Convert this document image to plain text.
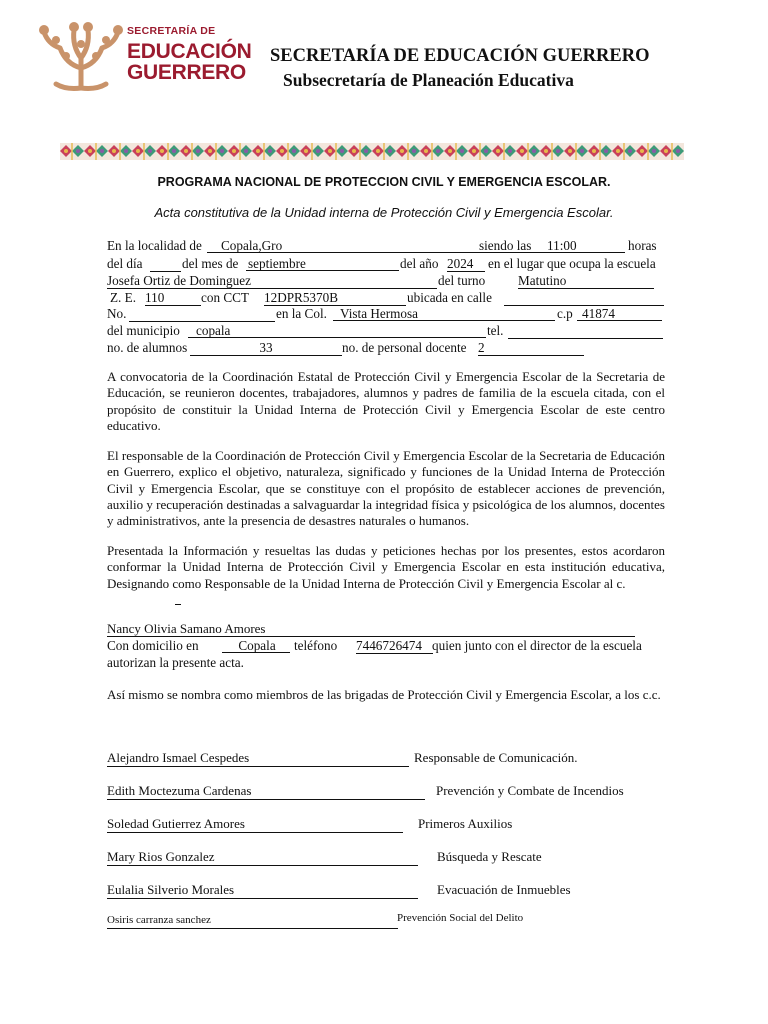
SECRETARÍA DE
EDUCACIÓN
GUERRERO
SECRETARÍA DE EDUCACIÓN GUERRERO
Subsecretaría de Planeación Educativa
PROGRAMA NACIONAL DE PROTECCION CIVIL Y EMERGENCIA ESCOLAR.
Acta constitutiva de la Unidad interna de Protección Civil y Emergencia Escolar.
En la localidad de	Copala,Gro	siendo las	11:00	horas
del día	del mes de septiembre	del año 2024	en el lugar que ocupa la escuela
Josefa Ortiz de Dominguez	del turno Matutino
Z. E. 110	con CCT 12DPR5370B	ubicada en calle
No.	en la Col. Vista Hermosa	c.p 41874
del municipio	copala	tel.
no. de alumnos	33	no. de personal docente 2

A convocatoria de la Coordinación Estatal de Protección Civil y Emergencia Escolar de la Secretaria de Educación, se reunieron docentes, trabajadores, alumnos y padres de familia de la escuela citada, con el propósito de constituir la Unidad Interna de Protección Civil y Emergencia Escolar de este centro educativo.

El responsable de la Coordinación de Protección Civil y Emergencia Escolar de la Secretaria de Educación en Guerrero, explico el objetivo, naturaleza, significado y funciones de la Unidad Interna de Protección Civil y Emergencia Escolar, que se constituye con el propósito de establecer acciones de prevención, auxilio y recuperación destinadas a salvaguardar la integridad física y psicológica de los alumnos, docentes y administrativos, ante la presencia de desastres naturales o humanos.

Presentada la Información y resueltas las dudas y peticiones hechas por los presentes, estos acordaron conformar la Unidad Interna de Protección Civil y Emergencia Escolar en esta institución educativa, Designando como Responsable de la Unidad Interna de Protección Civil y Emergencia Escolar al c.

Nancy Olivia Samano Amores
Con domicilio en	Copala	teléfono 7446726474 quien junto con el director de la escuela
autorizan la presente acta.

Así mismo se nombra como miembros de las brigadas de Protección Civil y Emergencia Escolar, a los c.c.

Alejandro Ismael Cespedes	Responsable de Comunicación.
Edith Moctezuma Cardenas	Prevención y Combate de Incendios
Soledad Gutierrez Amores	Primeros Auxilios
Mary Rios Gonzalez	Búsqueda y Rescate
Eulalia Silverio Morales	Evacuación de Inmuebles
Osiris carranza sanchez	Prevención Social del Delito
